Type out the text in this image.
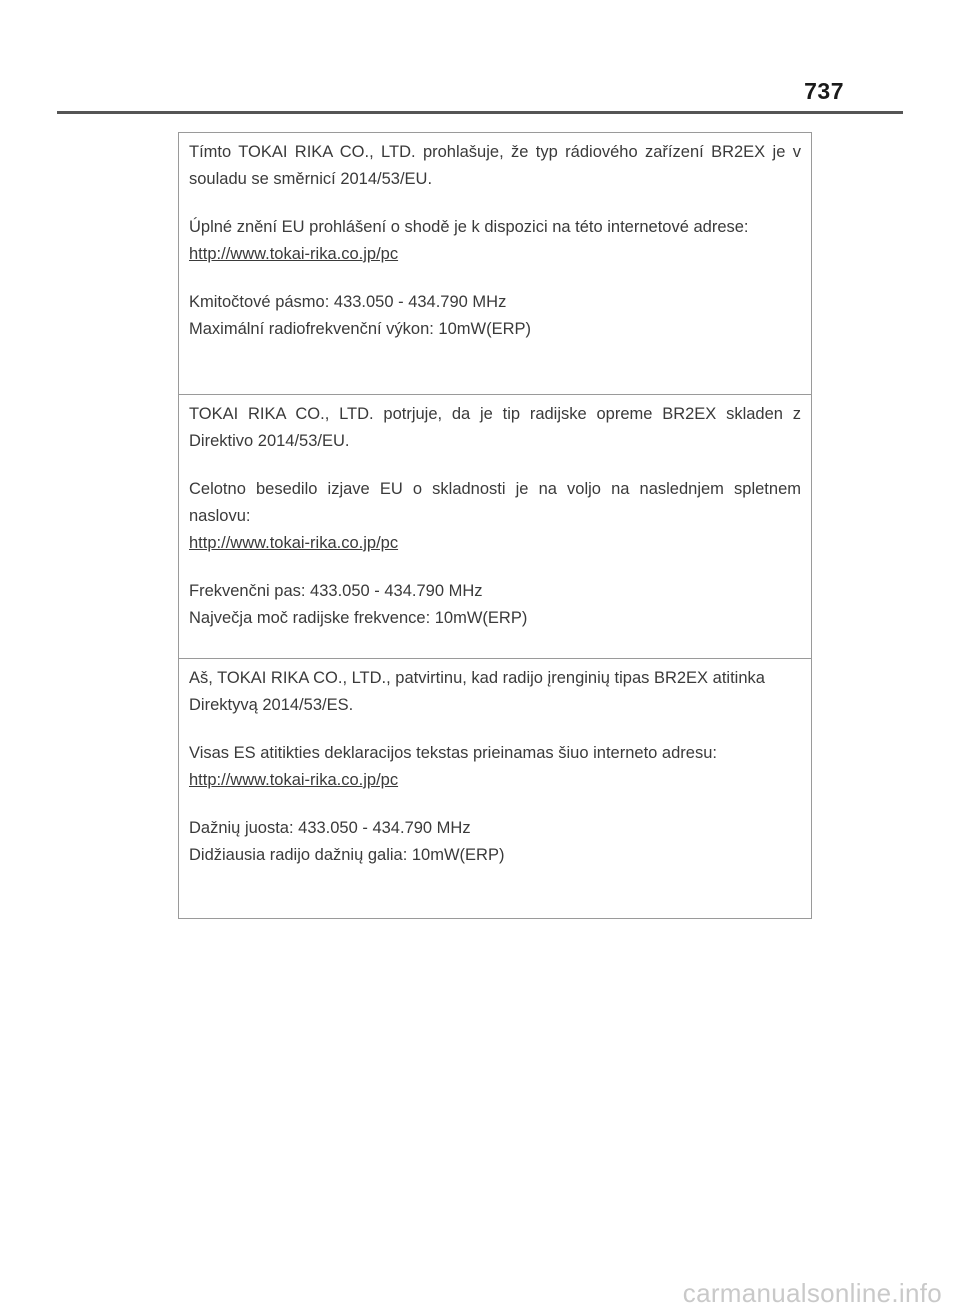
737

Tímto TOKAI RIKA CO., LTD. prohlašuje, že typ rádiového zařízení BR2EX je v souladu se směrnicí 2014/53/EU.

Úplné znění EU prohlášení o shodě je k dispozici na této internetové adrese:

http://www.tokai-rika.co.jp/pc

Kmitočtové pásmo: 433.050 - 434.790 MHz

Maximální radiofrekvenční výkon: 10mW(ERP)

TOKAI RIKA CO., LTD. potrjuje, da je tip radijske opreme BR2EX skladen z Direktivo 2014/53/EU.

Celotno besedilo izjave EU o skladnosti je na voljo na naslednjem spletnem naslovu:

http://www.tokai-rika.co.jp/pc

Frekvenčni pas: 433.050 - 434.790 MHz

Največja moč radijske frekvence: 10mW(ERP)

Aš, TOKAI RIKA CO., LTD., patvirtinu, kad radijo įrenginių tipas BR2EX atitinka Direktyvą 2014/53/ES.

Visas ES atitikties deklaracijos tekstas prieinamas šiuo interneto adresu:

http://www.tokai-rika.co.jp/pc

Dažnių juosta: 433.050 - 434.790 MHz

Didžiausia radijo dažnių galia: 10mW(ERP)

carmanualsonline.info
